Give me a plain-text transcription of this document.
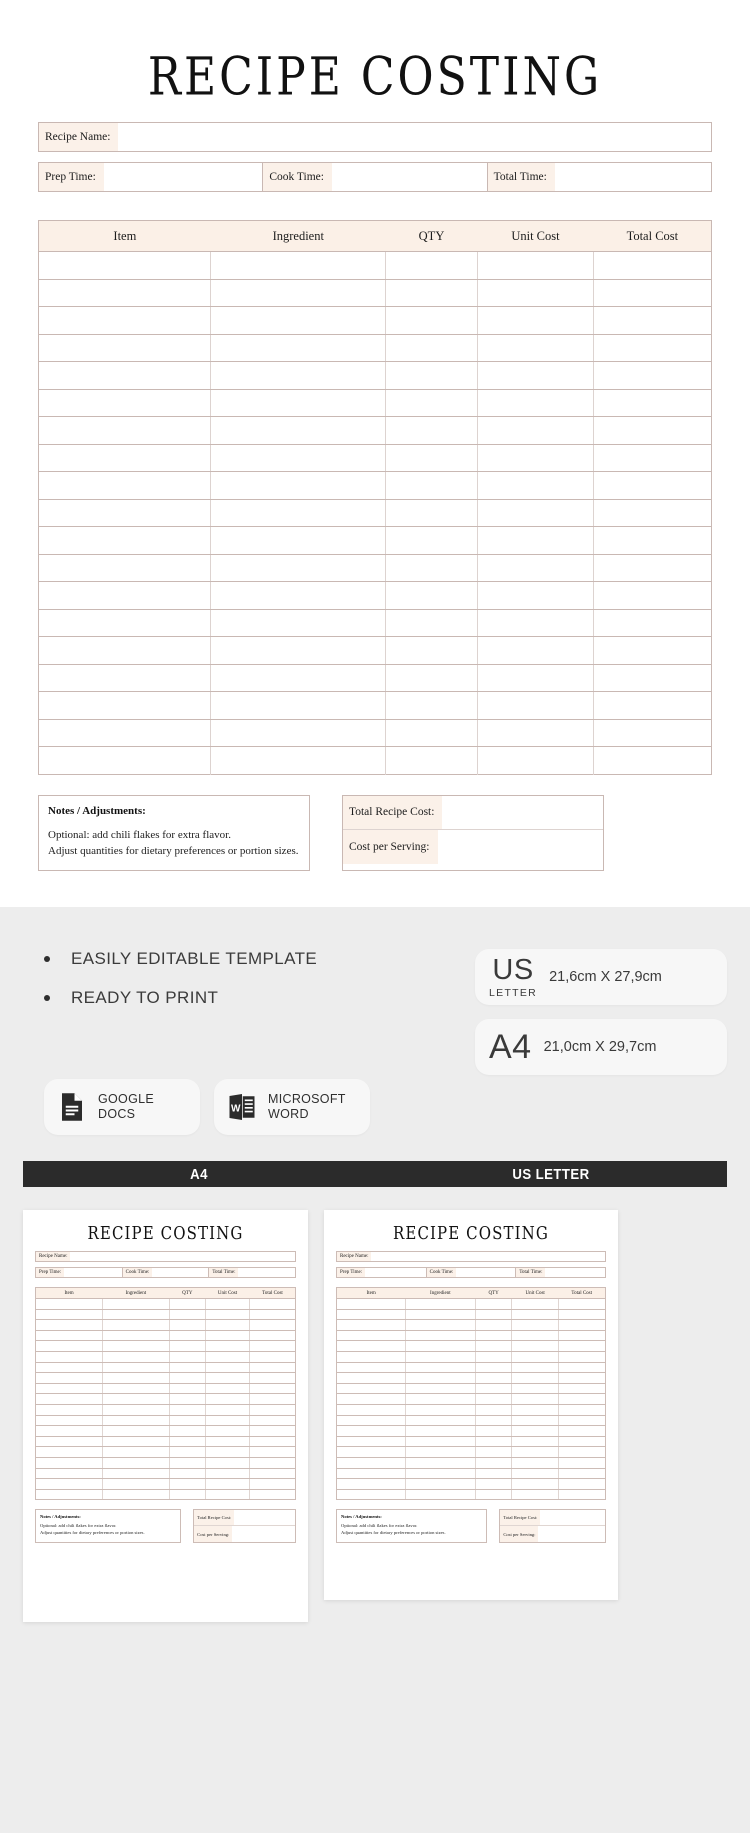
RECIPE COSTING
Recipe Name:
Prep Time:	Cook Time:	Total Time:
Item	Ingredient	QTY	Unit Cost	Total Cost

Notes / Adjustments:
Optional: add chili flakes for extra flavor.
Adjust quantities for dietary preferences or portion sizes.
Total Recipe Cost:
Cost per Serving:
EASILY EDITABLE TEMPLATE
READY TO PRINT
US
LETTER
21,6cm X 27,9cm
A4 21,0cm X 29,7cm
GOOGLE
DOCS	W
MICROSOFT
WORD
A4	US LETTER
RECIPE COSTING
Recipe Name:
Prep Time:	Cook Time:	Total Time:
Item	Ingredient	QTY	Unit Cost	Total Cost

Notes / Adjustments:
Optional: add chili flakes for extra flavor.
Adjust quantities for dietary preferences or portion sizes.
Total Recipe Cost:
Cost per Serving:
RECIPE COSTING
Recipe Name:
Prep Time:	Cook Time:	Total Time:
Item	Ingredient	QTY	Unit Cost	Total Cost

Notes / Adjustments:
Optional: add chili flakes for extra flavor.
Adjust quantities for dietary preferences or portion sizes.
Total Recipe Cost:
Cost per Serving:
